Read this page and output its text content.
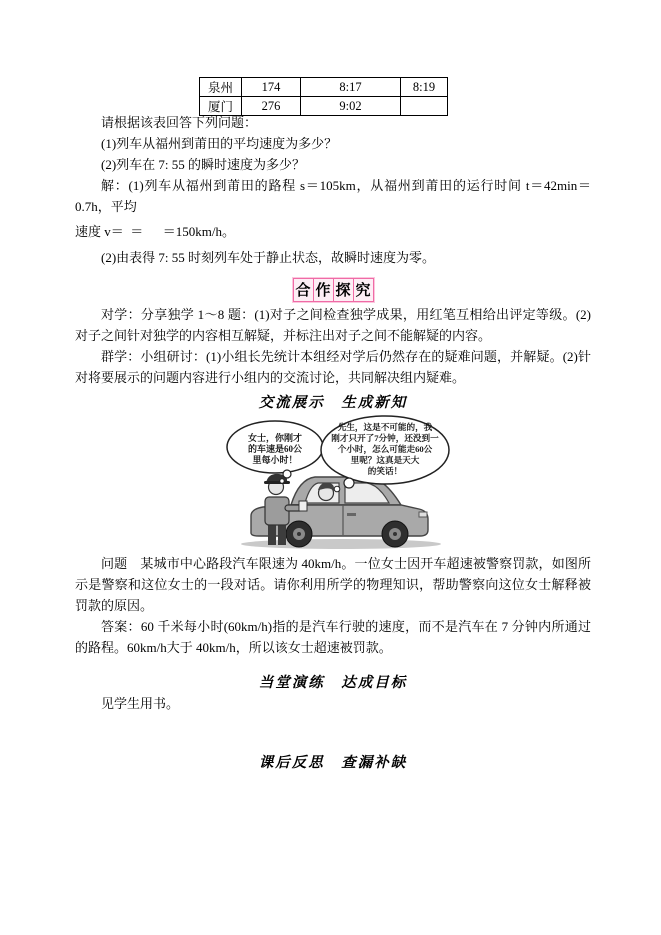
泉州	174	8:17	8:19
厦门	276	9:02	

请根据该表回答下列问题：

(1)列车从福州到莆田的平均速度为多少？

(2)列车在 7: 55 的瞬时速度为多少？

解：(1)列车从福州到莆田的路程 s＝105km，从福州到莆田的运行时间 t＝42min＝0.7h，平均

速度 v＝  ＝      ＝150km/h。

(2)由表得 7: 55 时刻列车处于静止状态，故瞬时速度为零。

合 作 探 究

对学：分享独学 1～8 题：(1)对子之间检查独学成果，用红笔互相给出评定等级。(2)对子之间针对独学的内容相互解疑，并标注出对子之间不能解疑的内容。

群学：小组研讨：(1)小组长先统计本组经对学后仍然存在的疑难问题，并解疑。(2)针对将要展示的问题内容进行小组内的交流讨论，共同解决组内疑难。

交流展示　生成新知
女士，你刚才
的车速是60公
里每小时！
先生，这是不可能的，我
刚才只开了7分钟，还没到一
个小时，怎么可能走60公
里呢？这真是天大
的笑话！

问题　某城市中心路段汽车限速为 40km/h。一位女士因开车超速被警察罚款，如图所示是警察和这位女士的一段对话。请你利用所学的物理知识，帮助警察向这位女士解释被罚款的原因。

答案：60 千米每小时(60km/h)指的是汽车行驶的速度，而不是汽车在 7 分钟内所通过的路程。60km/h大于 40km/h，所以该女士超速被罚款。

当堂演练　达成目标

见学生用书。

课后反思　查漏补缺
